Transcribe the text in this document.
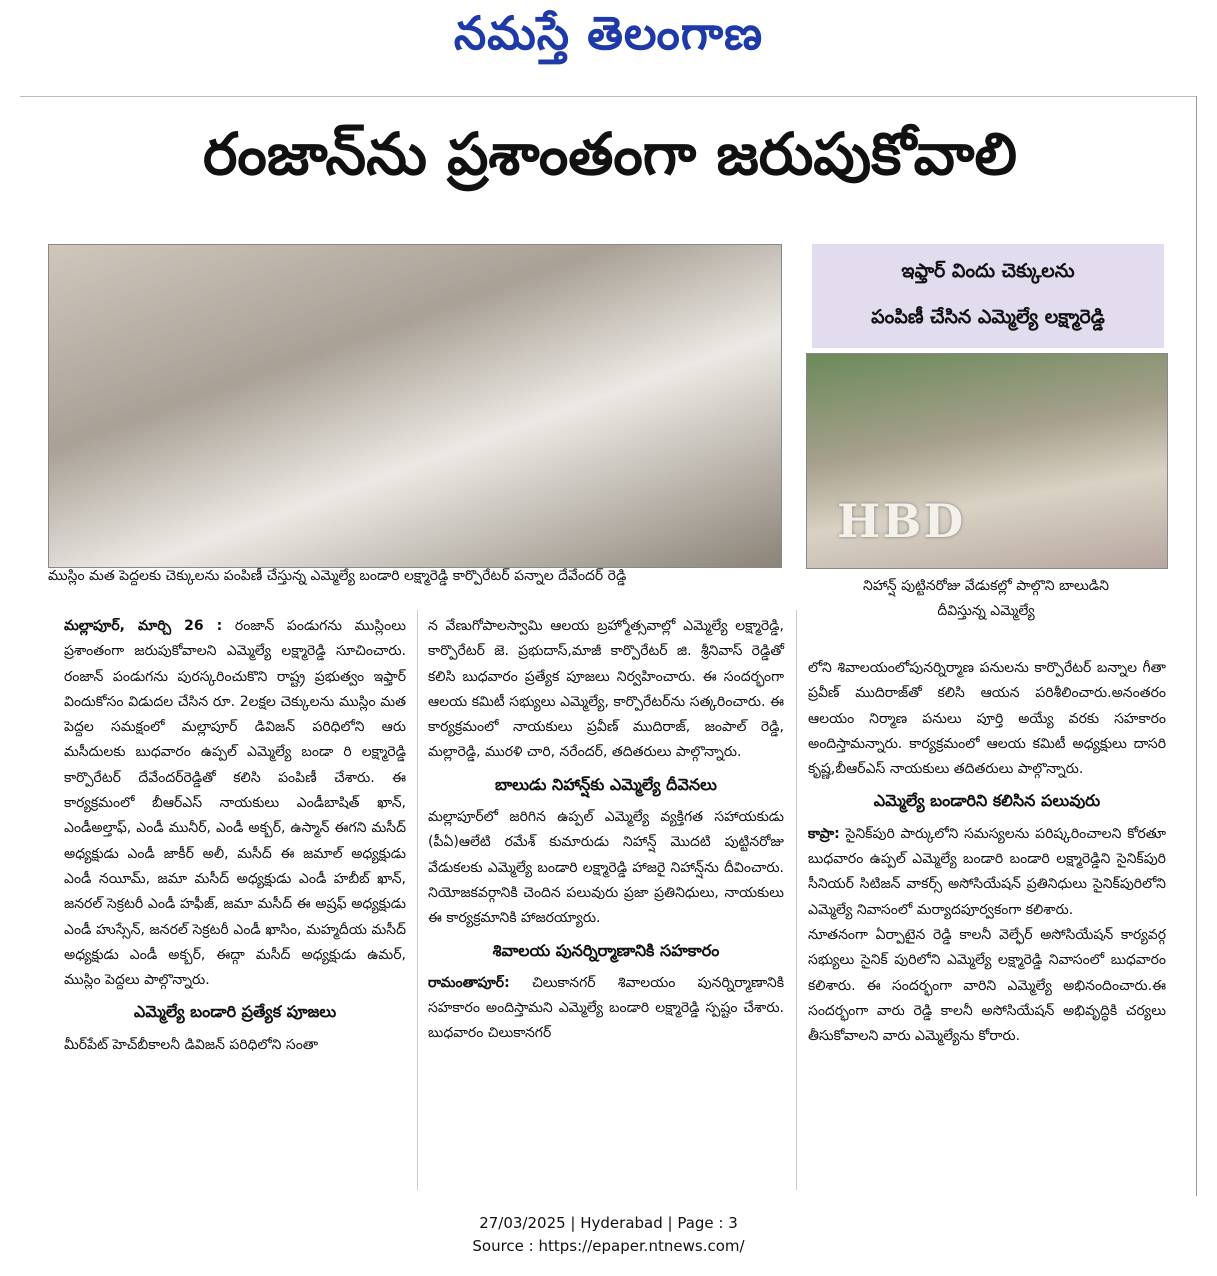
నమస్తే తెలంగాణ
రంజాన్‌ను ప్రశాంతంగా జరుపుకోవాలి
ఇఫ్తార్‌ విందు చెక్కులను
పంపిణీ చేసిన ఎమ్మెల్యే లక్ష్మారెడ్డి
HBD
ముస్లిం మత పెద్దలకు చెక్కులను పంపిణీ చేస్తున్న ఎమ్మెల్యే బండారి లక్ష్మారెడ్డి కార్పొరేటర్‌ పన్నాల దేవేందర్‌ రెడ్డి
నిహాన్ష్‌ పుట్టినరోజు వేడుకల్లో పాల్గొని బాలుడిని
దీవిస్తున్న ఎమ్మెల్యే

మల్లాపూర్‌, మార్చి 26 : రంజాన్‌ పండుగను ముస్లింలు ప్రశాంతంగా జరుపుకోవాలని ఎమ్మెల్యే లక్ష్మారెడ్డి సూచించారు. రంజాన్‌ పండుగను పురస్కరించుకొని రాష్ట్ర ప్రభుత్వం ఇఫ్తార్‌ విందుకోసం విడుదల చేసిన రూ. 2లక్షల చెక్కులను ముస్లిం మత పెద్దల సమక్షంలో మల్లాపూర్‌ డివిజన్‌ పరిధిలోని ఆరు మసీదులకు బుధవారం ఉప్పల్‌ ఎమ్మెల్యే బండా రి లక్ష్మారెడ్డి కార్పొరేటర్‌ దేవేందర్‌రెడ్డితో కలిసి పంపిణీ చేశారు. ఈ కార్యక్రమంలో బీఆర్‌ఎస్‌ నాయకులు ఎండీబాషిత్‌ ఖాన్‌, ఎండీఅల్తాఫ్‌, ఎండీ మునీర్‌, ఎండీ అక్బర్‌, ఉస్మాన్‌ ఈగని మసీద్‌ అధ్యక్షుడు ఎండీ జాకీర్‌ అలీ, మసీద్‌ ఈ జమాల్‌ అధ్యక్షుడు ఎండీ నయీమ్‌, జమా మసీద్‌ అధ్యక్షుడు ఎండీ హబీబ్‌ ఖాన్‌, జనరల్‌ సెక్రటరీ ఎండీ హఫీజ్‌, జమా మసీద్‌ ఈ అష్రఫ్‌ అధ్యక్షుడు ఎండీ హుస్సేన్‌, జనరల్‌ సెక్రటరీ ఎండీ ఖాసిం, మహ్మదీయ మసీద్‌ అధ్యక్షుడు ఎండీ అక్బర్‌, ఈద్గా మసీద్‌ అధ్యక్షుడు ఉమర్‌, ముస్లిం పెద్దలు పాల్గొన్నారు.

ఎమ్మెల్యే బండారి ప్రత్యేక పూజలు

మీర్‌పేట్‌ హెచ్‌బీకాలనీ డివిజన్‌ పరిధిలోని సంతా

న వేణుగోపాలస్వామి ఆలయ బ్రహ్మోత్సవాల్లో ఎమ్మెల్యే లక్ష్మారెడ్డి, కార్పొరేటర్‌ జె. ప్రభుదాస్‌,మాజీ కార్పొరేటర్‌ జి. శ్రీనివాస్‌ రెడ్డితో కలిసి బుధవారం ప్రత్యేక పూజలు నిర్వహించారు. ఈ సందర్భంగా ఆలయ కమిటీ సభ్యులు ఎమ్మెల్యే, కార్పొరేటర్‌ను సత్కరించారు. ఈ కార్యక్రమంలో నాయకులు ప్రవీణ్‌ ముదిరాజ్‌, జంపాల్‌ రెడ్డి, మల్లారెడ్డి, మురళి చారి, నరేందర్‌, తదితరులు పాల్గొన్నారు.

బాలుడు నిహాన్ష్‌కు ఎమ్మెల్యే దీవెనలు

మల్లాపూర్‌లో జరిగిన ఉప్పల్‌ ఎమ్మెల్యే వ్యక్తిగత సహాయకుడు (పీఏ)ఆలేటి రమేశ్‌ కుమారుడు నిహాన్ష్‌ మొదటి పుట్టినరోజు వేడుకలకు ఎమ్మెల్యే బండారి లక్ష్మారెడ్డి హాజరై నిహాన్ష్‌ను దీవించారు. నియోజకవర్గానికి చెందిన పలువురు ప్రజా ప్రతినిధులు, నాయకులు ఈ కార్యక్రమానికి హాజరయ్యారు.

శివాలయ పునర్నిర్మాణానికి సహకారం

రామంతాపూర్‌: చిలుకానగర్‌ శివాలయం పునర్నిర్మాణానికి సహకారం అందిస్తామని ఎమ్మెల్యే బండారి లక్ష్మారెడ్డి స్పష్టం చేశారు. బుధవారం చిలుకానగర్‌

లోని శివాలయంలోపునర్నిర్మాణ పనులను కార్పొరేటర్‌ బన్నాల గీతా ప్రవీణ్‌ ముదిరాజ్‌తో కలిసి ఆయన పరిశీలించారు.అనంతరం ఆలయం నిర్మాణ పనులు పూర్తి అయ్యే వరకు సహకారం అందిస్తామన్నారు. కార్యక్రమంలో ఆలయ కమిటీ అధ్యక్షులు దాసరి కృష్ణ,బీఆర్‌ఎస్‌ నాయకులు తదితరులు పాల్గొన్నారు.

ఎమ్మెల్యే బండారిని కలిసిన పలువురు

కాప్రా: సైనిక్‌పురి పార్కులోని సమస్యలను పరిష్కరించాలని కోరతూ బుధవారం ఉప్పల్‌ ఎమ్మెల్యే బండారి బండారి లక్ష్మారెడ్డిని సైనిక్‌పురి సీనియర్‌ సిటిజన్‌ వాకర్స్‌ అసోసియేషన్‌ ప్రతినిధులు సైనిక్‌పురిలోని ఎమ్మెల్యే నివాసంలో మర్యాదపూర్వకంగా కలిశారు.

నూతనంగా ఏర్పాటైన రెడ్డి కాలనీ వెల్ఫేర్‌ అసోసియేషన్‌ కార్యవర్గ సభ్యులు సైనిక్‌ పురిలోని ఎమ్మెల్యే లక్ష్మారెడ్డి నివాసంలో బుధవారం కలిశారు. ఈ సందర్భంగా వారిని ఎమ్మెల్యే అభినందించారు.ఈ సందర్భంగా వారు రెడ్డి కాలనీ అసోసియేషన్‌ అభివృద్ధికి చర్యలు తీసుకోవాలని వారు ఎమ్మెల్యేను కోరారు.

27/03/2025 | Hyderabad | Page : 3
Source : https://epaper.ntnews.com/
